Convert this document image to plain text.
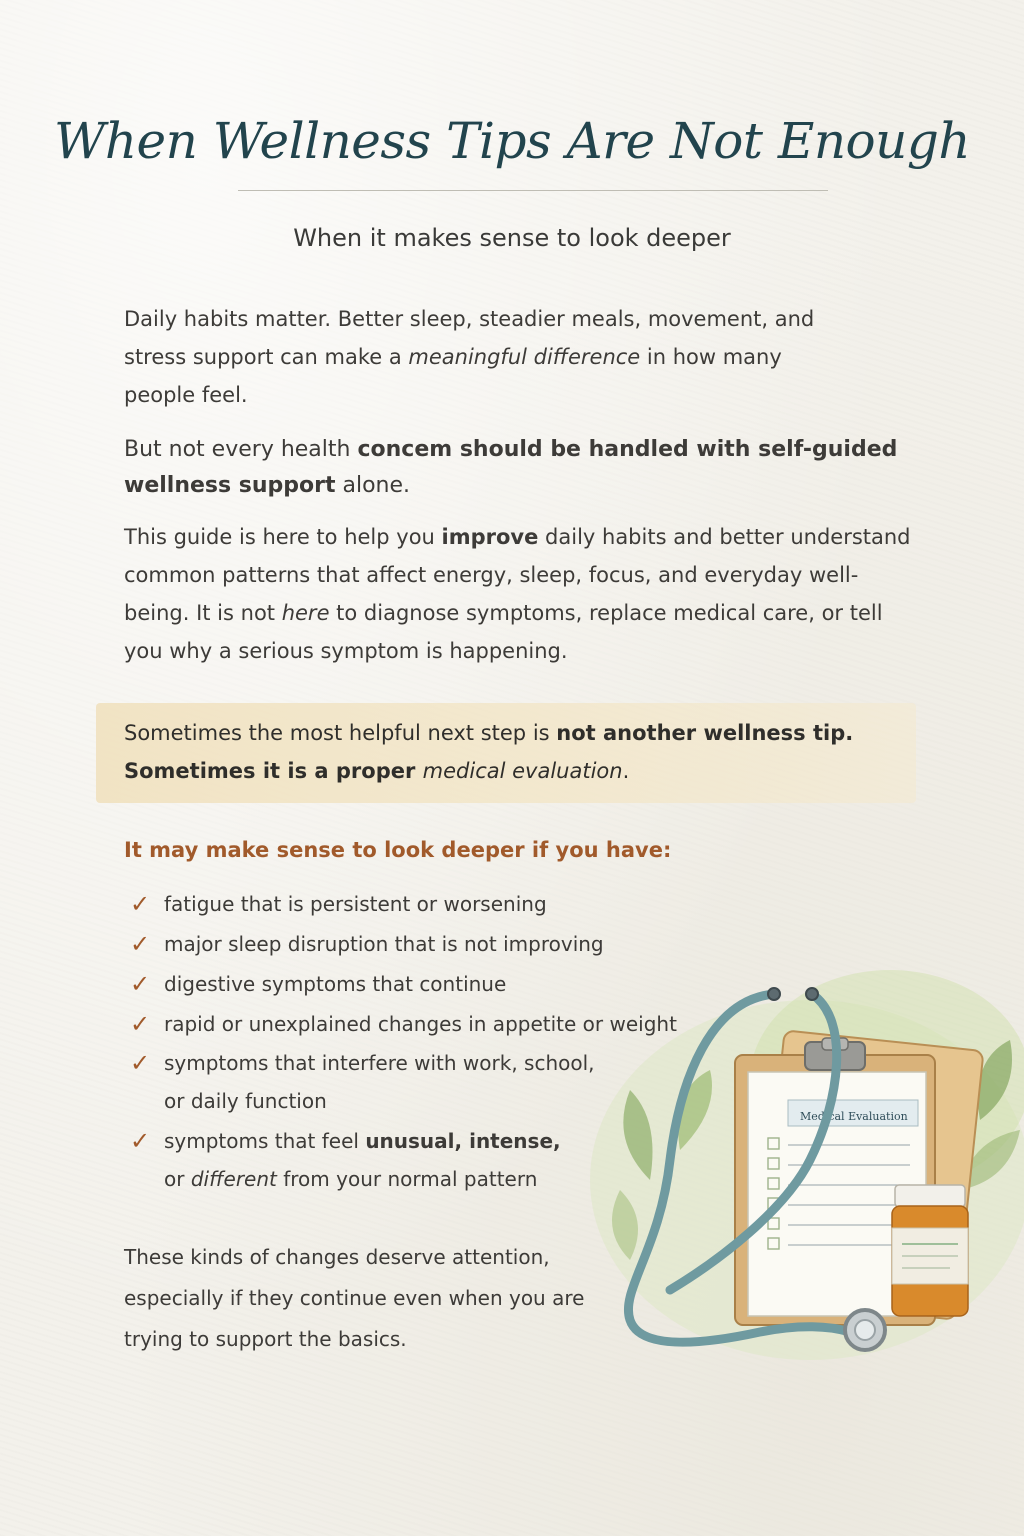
When Wellness Tips Are Not Enough
When it makes sense to look deeper
Daily habits matter. Better sleep, steadier meals, movement, and stress support can make a meaningful difference in how many people feel.
But not every health concem should be handled with self-guided wellness support alone.
This guide is here to help you improve daily habits and better understand common patterns that affect energy, sleep, focus, and everyday well-being. It is not here to diagnose symptoms, replace medical care, or tell you why a serious symptom is happening.
Sometimes the most helpful next step is not another wellness tip.
Sometimes it is a proper medical evaluation.
It may make sense to look deeper if you have:
✓ fatigue that is persistent or worsening
✓ major sleep disruption that is not improving
✓ digestive symptoms that continue
✓ rapid or unexplained changes in appetite or weight
✓ symptoms that interfere with work, school,
or daily function
✓ symptoms that feel unusual, intense,
or different from your normal pattern
These kinds of changes deserve attention, especially if they continue even when you are trying to support the basics.
Medical Evaluation
